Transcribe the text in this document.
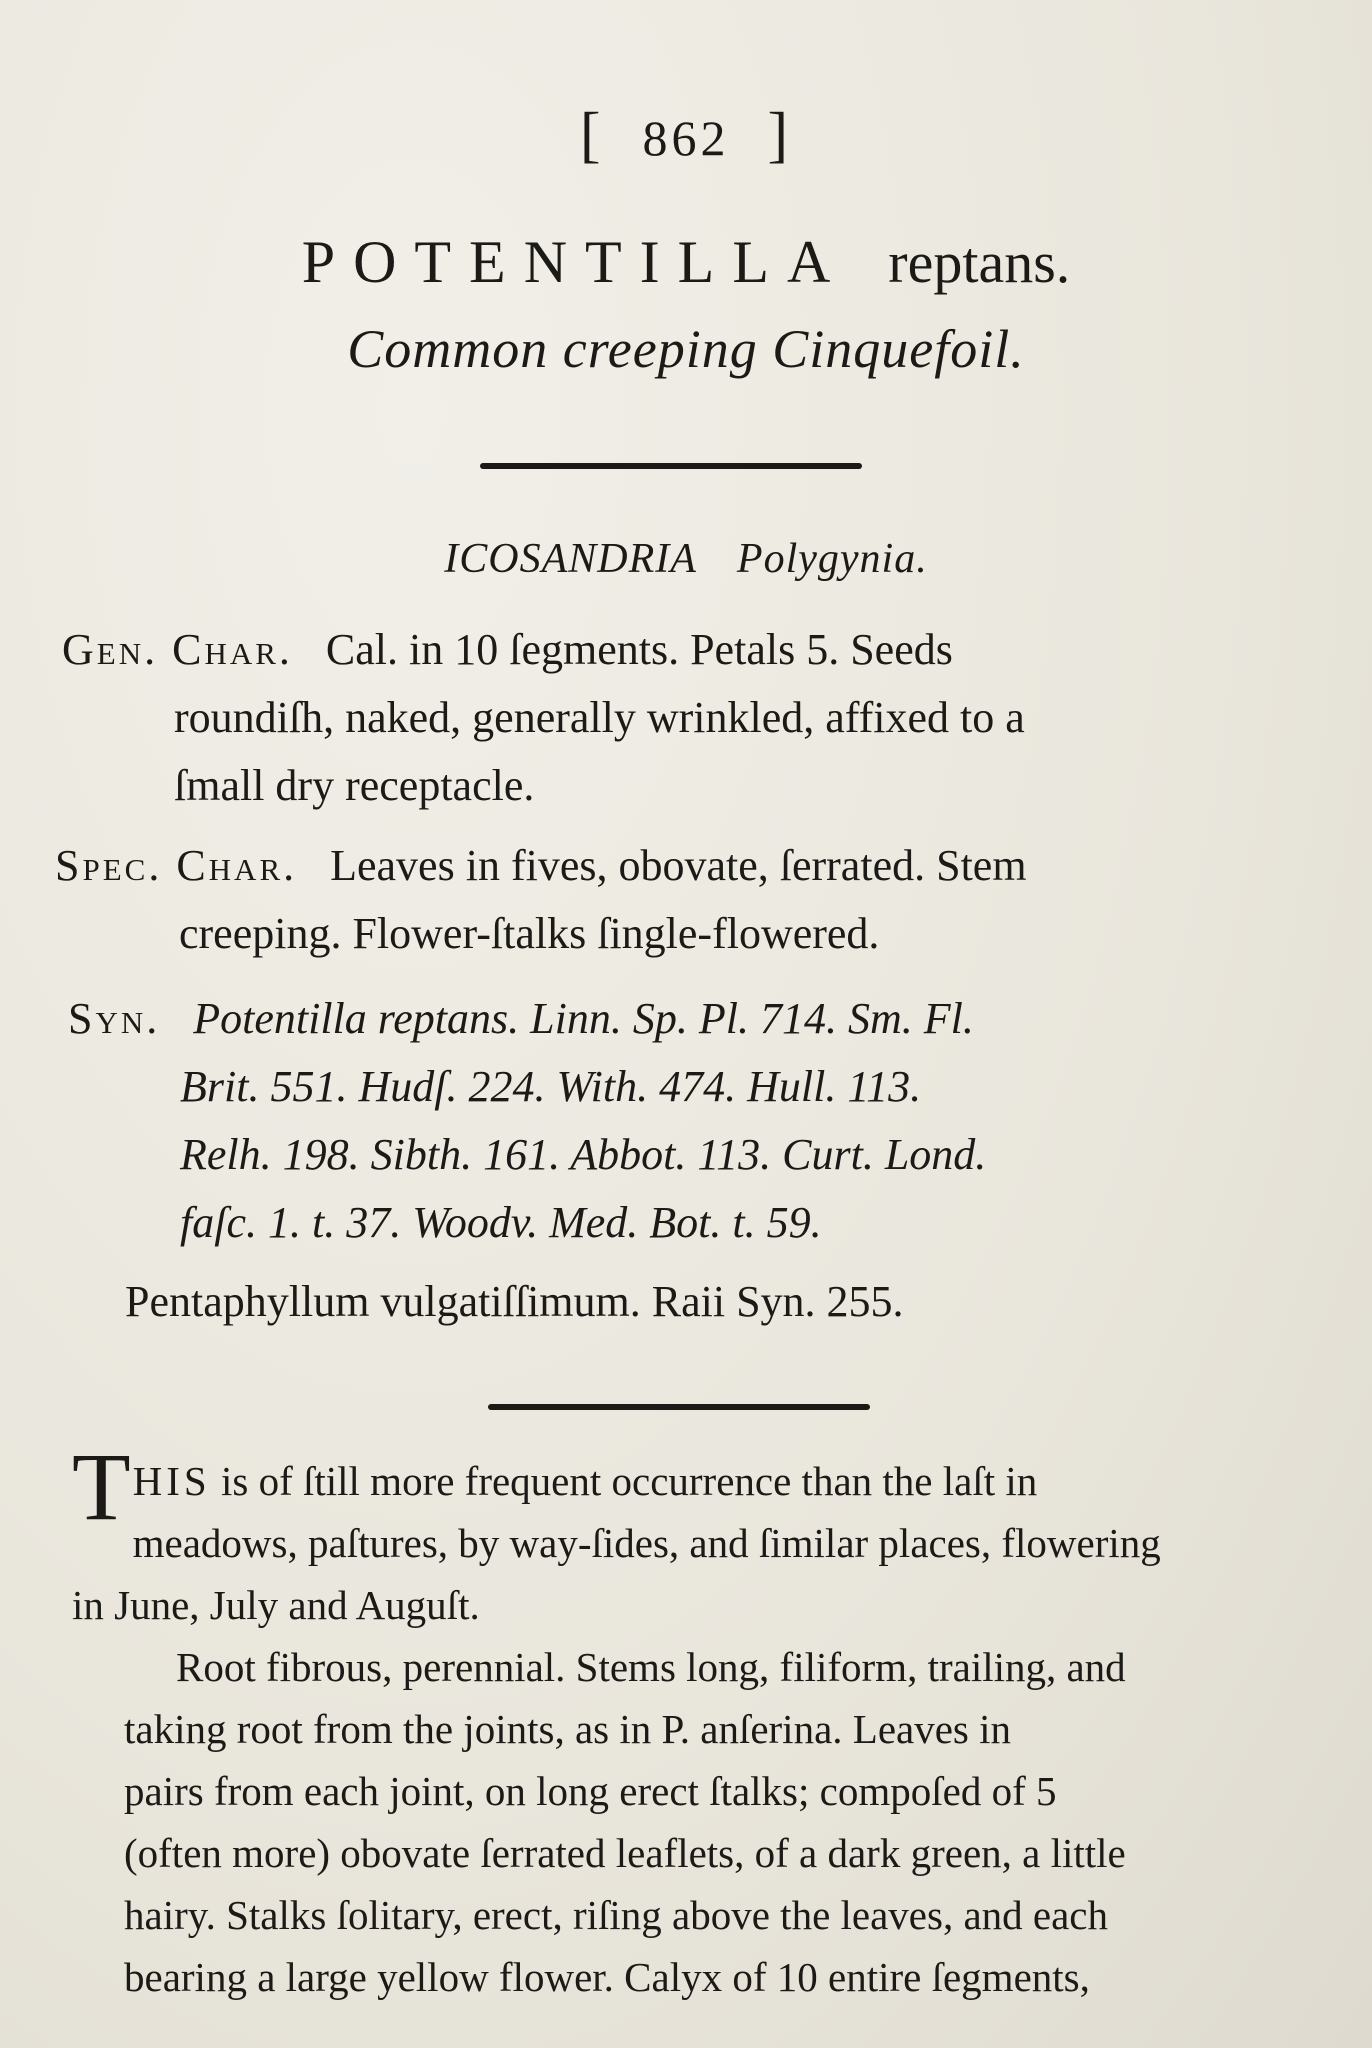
[ 862 ]
POTENTILLA reptans.
Common creeping Cinquefoil.
ICOSANDRIA Polygynia.
Gen. Char. Cal. in 10 ſegments. Petals 5. Seeds
roundiſh, naked, generally wrinkled, affixed to a
ſmall dry receptacle.
Spec. Char. Leaves in fives, obovate, ſerrated. Stem
creeping. Flower-ſtalks ſingle-flowered.
Syn. Potentilla reptans. Linn. Sp. Pl. 714. Sm. Fl.
Brit. 551. Hudſ. 224. With. 474. Hull. 113.
Relh. 198. Sibth. 161. Abbot. 113. Curt. Lond.
faſc. 1. t. 37. Woodv. Med. Bot. t. 59.
Pentaphyllum vulgatiſſimum. Raii Syn. 255.
THIS is of ſtill more frequent occurrence than the laſt in
meadows, paſtures, by way-ſides, and ſimilar places, flowering
in June, July and Auguſt.
Root fibrous, perennial. Stems long, filiform, trailing, and
taking root from the joints, as in P. anſerina. Leaves in
pairs from each joint, on long erect ſtalks; compoſed of 5
(often more) obovate ſerrated leaflets, of a dark green, a little
hairy. Stalks ſolitary, erect, riſing above the leaves, and each
bearing a large yellow flower. Calyx of 10 entire ſegments,
